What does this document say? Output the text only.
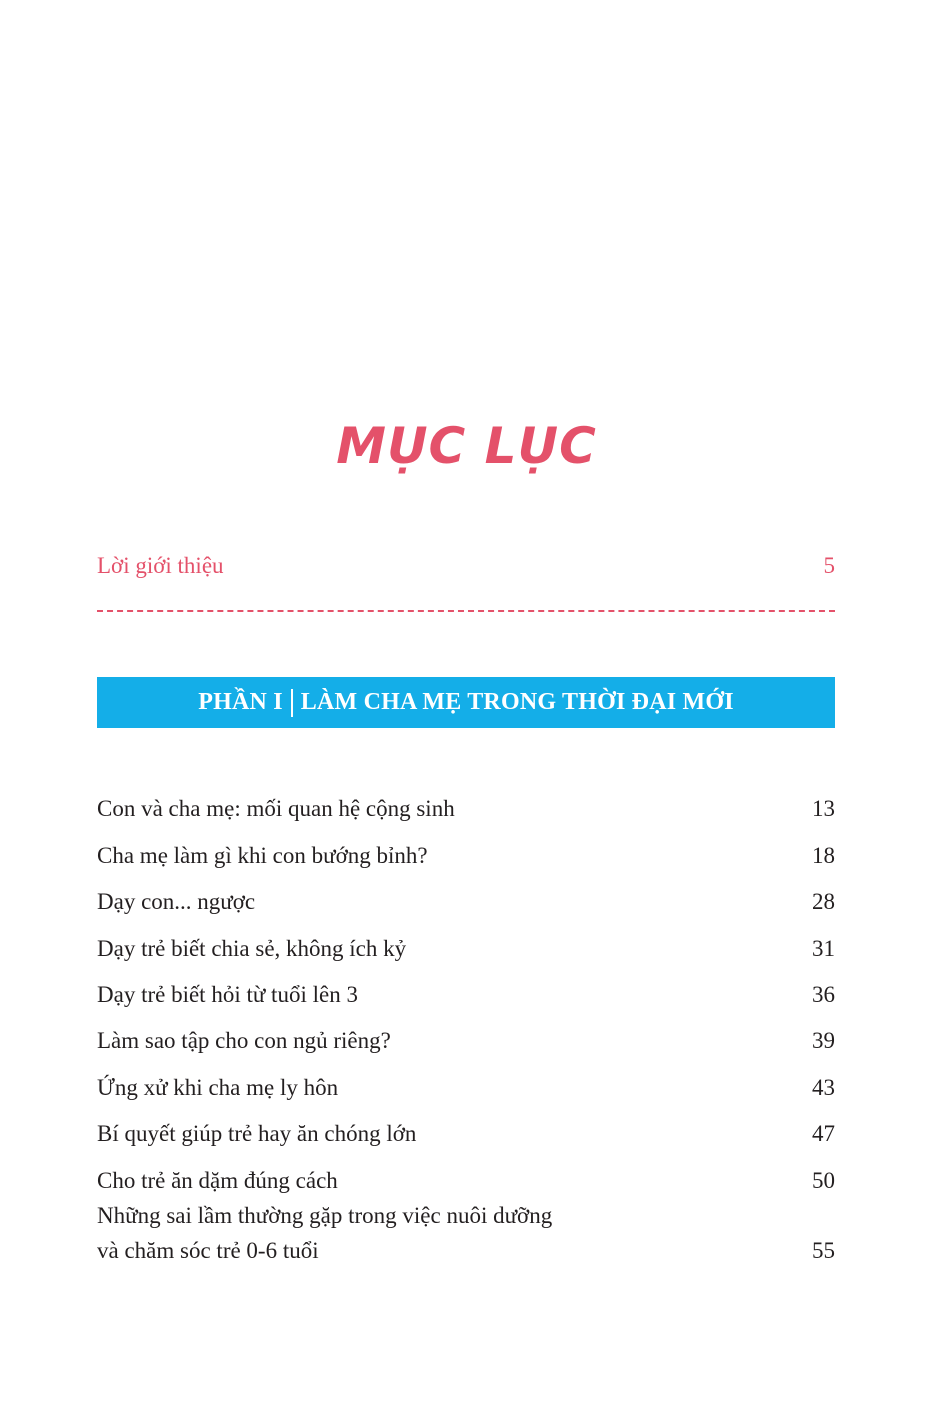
MỤC LỤC
Lời giới thiệu	5
PHẦN I LÀM CHA MẸ TRONG THỜI ĐẠI MỚI
Con và cha mẹ: mối quan hệ cộng sinh	13
Cha mẹ làm gì khi con bướng bỉnh?	18
Dạy con... ngược	28
Dạy trẻ biết chia sẻ, không ích kỷ	31
Dạy trẻ biết hỏi từ tuổi lên 3	36
Làm sao tập cho con ngủ riêng?	39
Ứng xử khi cha mẹ ly hôn	43
Bí quyết giúp trẻ hay ăn chóng lớn	47
Cho trẻ ăn dặm đúng cách	50
Những sai lầm thường gặp trong việc nuôi dưỡng
và chăm sóc trẻ 0-6 tuổi	55
